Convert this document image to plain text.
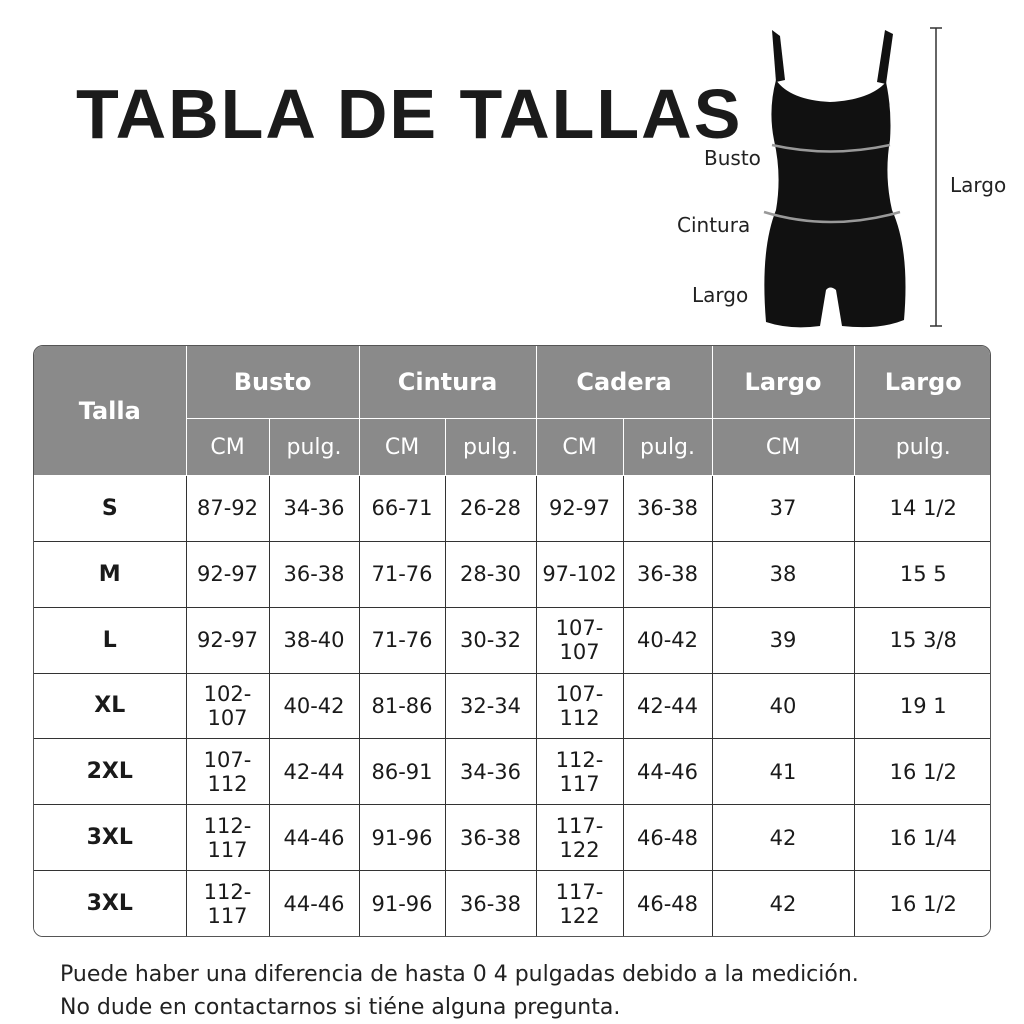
TABLA DE TALLAS
Busto
Cintura
Largo
Largo
Talla	Busto		Cintura		Cadera		Largo	Largo
	CM	pulg.	CM	pulg.	CM	pulg.	CM	pulg.
S	87-92	34-36	66-71	26-28	92-97	36-38	37	14 1/2
M	92-97	36-38	71-76	28-30	97-102	36-38	38	15 5
L	92-97	38-40	71-76	30-32	107-107	40-42	39	15 3/8
XL	102-107	40-42	81-86	32-34	107-112	42-44	40	19 1
2XL	107-112	42-44	86-91	34-36	112-117	44-46	41	16 1/2
3XL	112-117	44-46	91-96	36-38	117-122	46-48	42	16 1/4
3XL	112-117	44-46	91-96	36-38	117-122	46-48	42	16 1/2
Puede haber una diferencia de hasta 0 4 pulgadas debido a la medición.
No dude en contactarnos si tiéne alguna pregunta.
